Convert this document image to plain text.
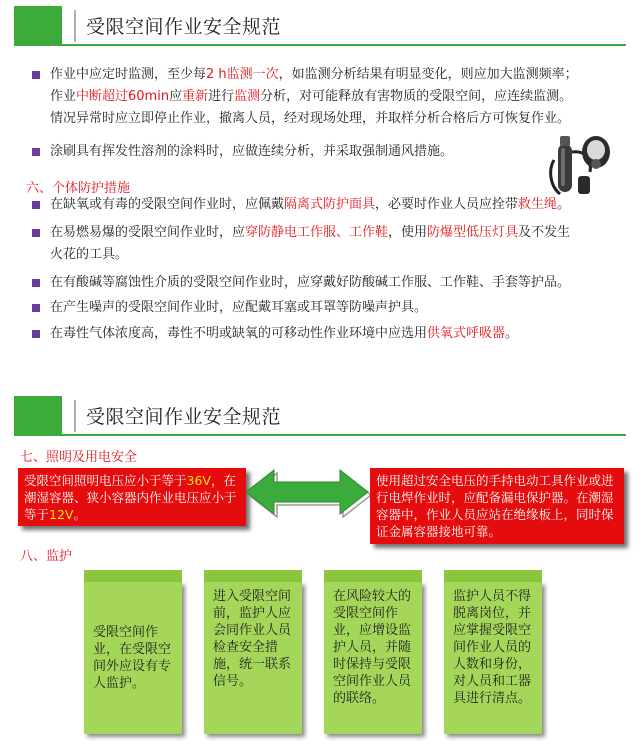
受限空间作业安全规范
作业中应定时监测，至少每2 h监测一次，如监测分析结果有明显变化，则应加大监测频率；
作业中断超过60min应重新进行监测分析，对可能释放有害物质的受限空间，应连续监测。
情况异常时应立即停止作业，撤离人员，经对现场处理，并取样分析合格后方可恢复作业。
涂刷具有挥发性溶剂的涂料时，应做连续分析，并采取强制通风措施。
六、个体防护措施
在缺氧或有毒的受限空间作业时，应佩戴隔离式防护面具，必要时作业人员应拴带救生绳。
在易燃易爆的受限空间作业时，应穿防静电工作服、工作鞋，使用防爆型低压灯具及不发生
火花的工具。
在有酸碱等腐蚀性介质的受限空间作业时，应穿戴好防酸碱工作服、工作鞋、手套等护品。
在产生噪声的受限空间作业时，应配戴耳塞或耳罩等防噪声护具。
在毒性气体浓度高，毒性不明或缺氧的可移动性作业环境中应选用供氧式呼吸器。
受限空间作业安全规范
七、照明及用电安全
受限空间照明电压应小于等于36V，在潮湿容器、狭小容器内作业电压应小于等于12V。
使用超过安全电压的手持电动工具作业或进行电焊作业时，应配备漏电保护器。在潮湿容器中，作业人员应站在绝缘板上，同时保证金属容器接地可靠。
八、监护
受限空间作业，在受限空间外应设有专人监护。
进入受限空间前，监护人应会同作业人员检查安全措施，统一联系信号。
在风险较大的受限空间作业，应增设监护人员，并随时保持与受限空间作业人员的联络。
监护人员不得脱离岗位，并应掌握受限空间作业人员的人数和身份，对人员和工器具进行清点。
